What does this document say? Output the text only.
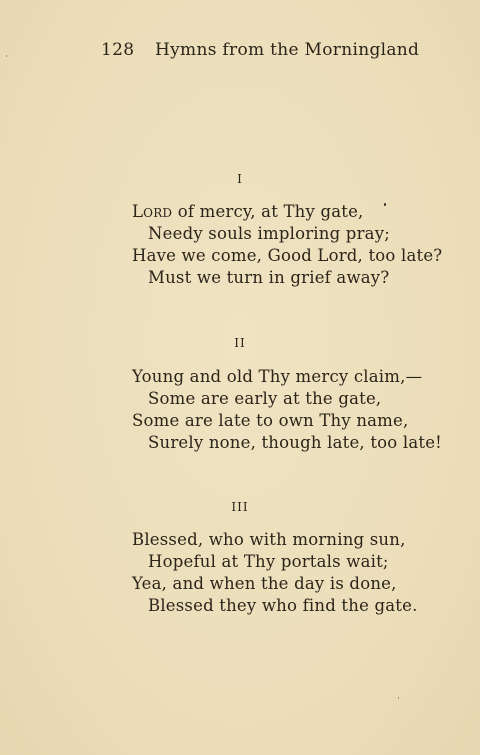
128 Hymns from the Morningland
I
Lord of mercy, at Thy gate,
Needy souls imploring pray;
Have we come, Good Lord, too late?
Must we turn in grief away?
II
Young and old Thy mercy claim,—
Some are early at the gate,
Some are late to own Thy name,
Surely none, though late, too late!
III
Blessed, who with morning sun,
Hopeful at Thy portals wait;
Yea, and when the day is done,
Blessed they who find the gate.
